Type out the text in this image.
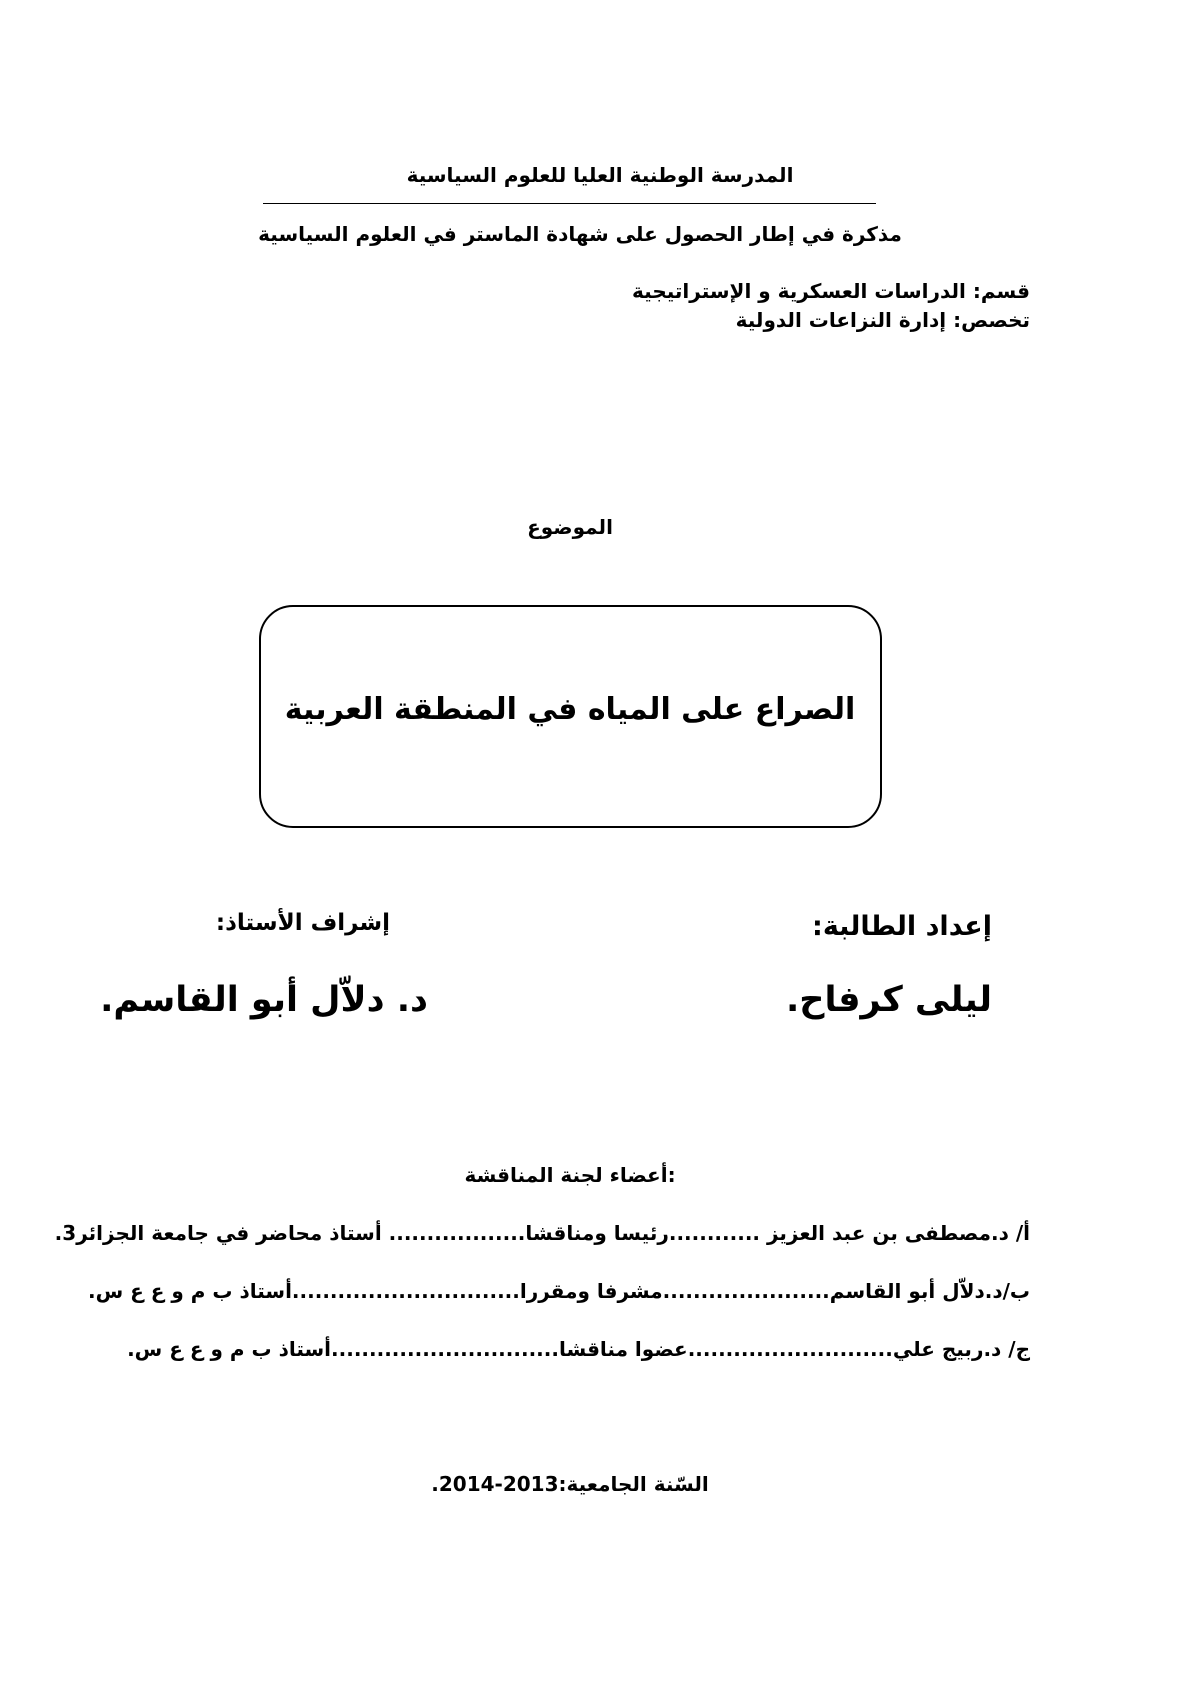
المدرسة الوطنية العليا للعلوم السياسية
مذكرة في إطار الحصول على شهادة الماستر في العلوم السياسية
قسم: الدراسات العسكرية و الإستراتيجية
تخصص: إدارة النزاعات الدولية
الموضوع
الصراع على المياه في المنطقة العربية
إعداد الطالبة:
ليلى كرفاح.
إشراف الأستاذ:
د. دلاّل أبو القاسم.
أعضاء لجنة المناقشة:
أ/ د.مصطفى بن عبد العزيز ............رئيسا ومناقشا.................. أستاذ محاضر في جامعة الجزائر3.
ب/د.دلاّل أبو القاسم......................مشرفا ومقررا..............................أستاذ ب م و ع ع س.
ج/ د.ربيج علي...........................عضوا مناقشا..............................أستاذ ب م و ع ع س.
السّنة الجامعية:2013-2014.
